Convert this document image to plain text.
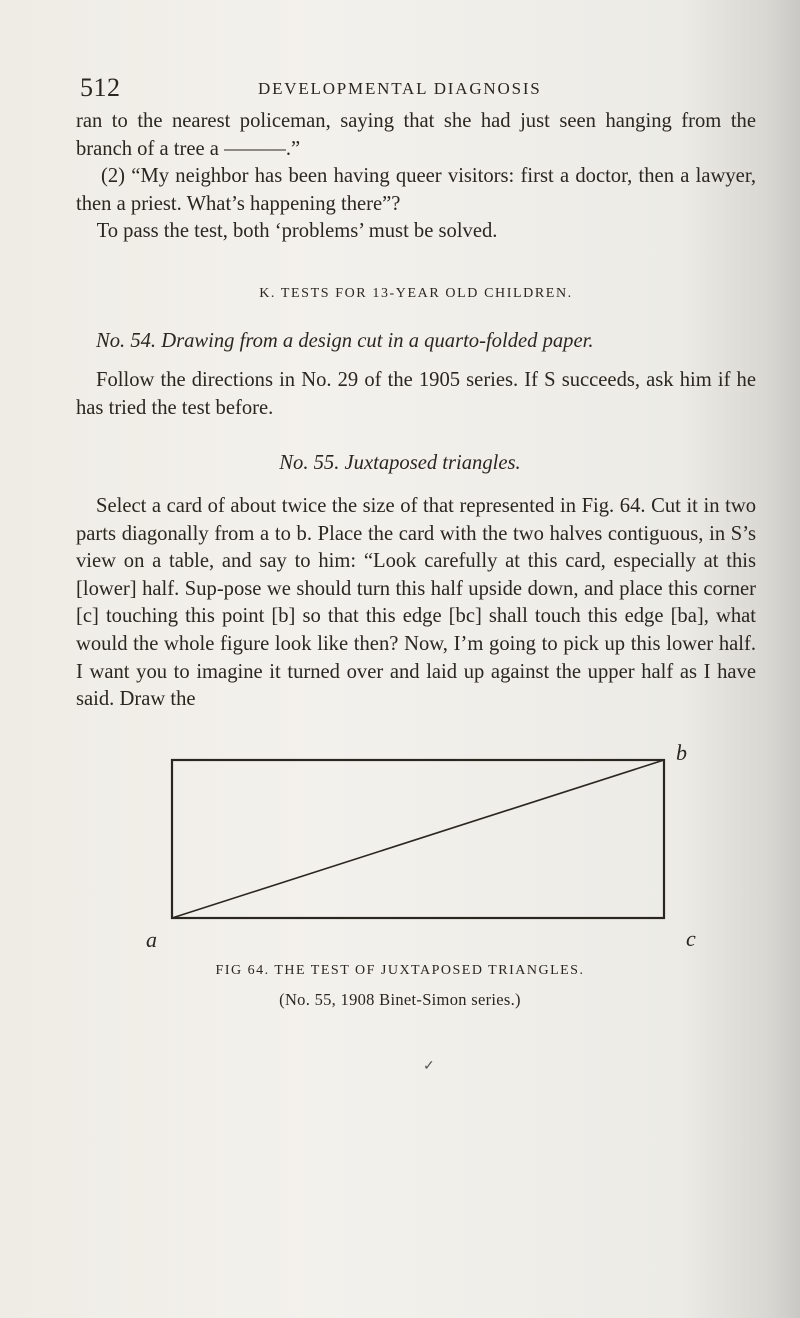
512	DEVELOPMENTAL DIAGNOSIS

ran to the nearest policeman, saying that she had just seen hanging from the branch of a tree a ———.”
(2) “My neighbor has been having queer visitors: first a doctor, then a lawyer, then a priest. What’s happening there”?
To pass the test, both ‘problems’ must be solved.

K. TESTS FOR 13-YEAR OLD CHILDREN.
No. 54. Drawing from a design cut in a quarto-folded paper.

Follow the directions in No. 29 of the 1905 series. If S succeeds, ask him if he has tried the test before.

No. 55. Juxtaposed triangles.

Select a card of about twice the size of that represented in Fig. 64. Cut it in two parts diagonally from a to b. Place the card with the two halves contiguous, in S’s view on a table, and say to him: “Look carefully at this card, especially at this [lower] half. Sup-pose we should turn this half upside down, and place this corner [c] touching this point [b] so that this edge [bc] shall touch this edge [ba], what would the whole figure look like then? Now, I’m going to pick up this lower half. I want you to imagine it turned over and laid up against the upper half as I have said. Draw the

b
a	c
FIG 64. THE TEST OF JUXTAPOSED TRIANGLES.
(No. 55, 1908 Binet-Simon series.)
✓
